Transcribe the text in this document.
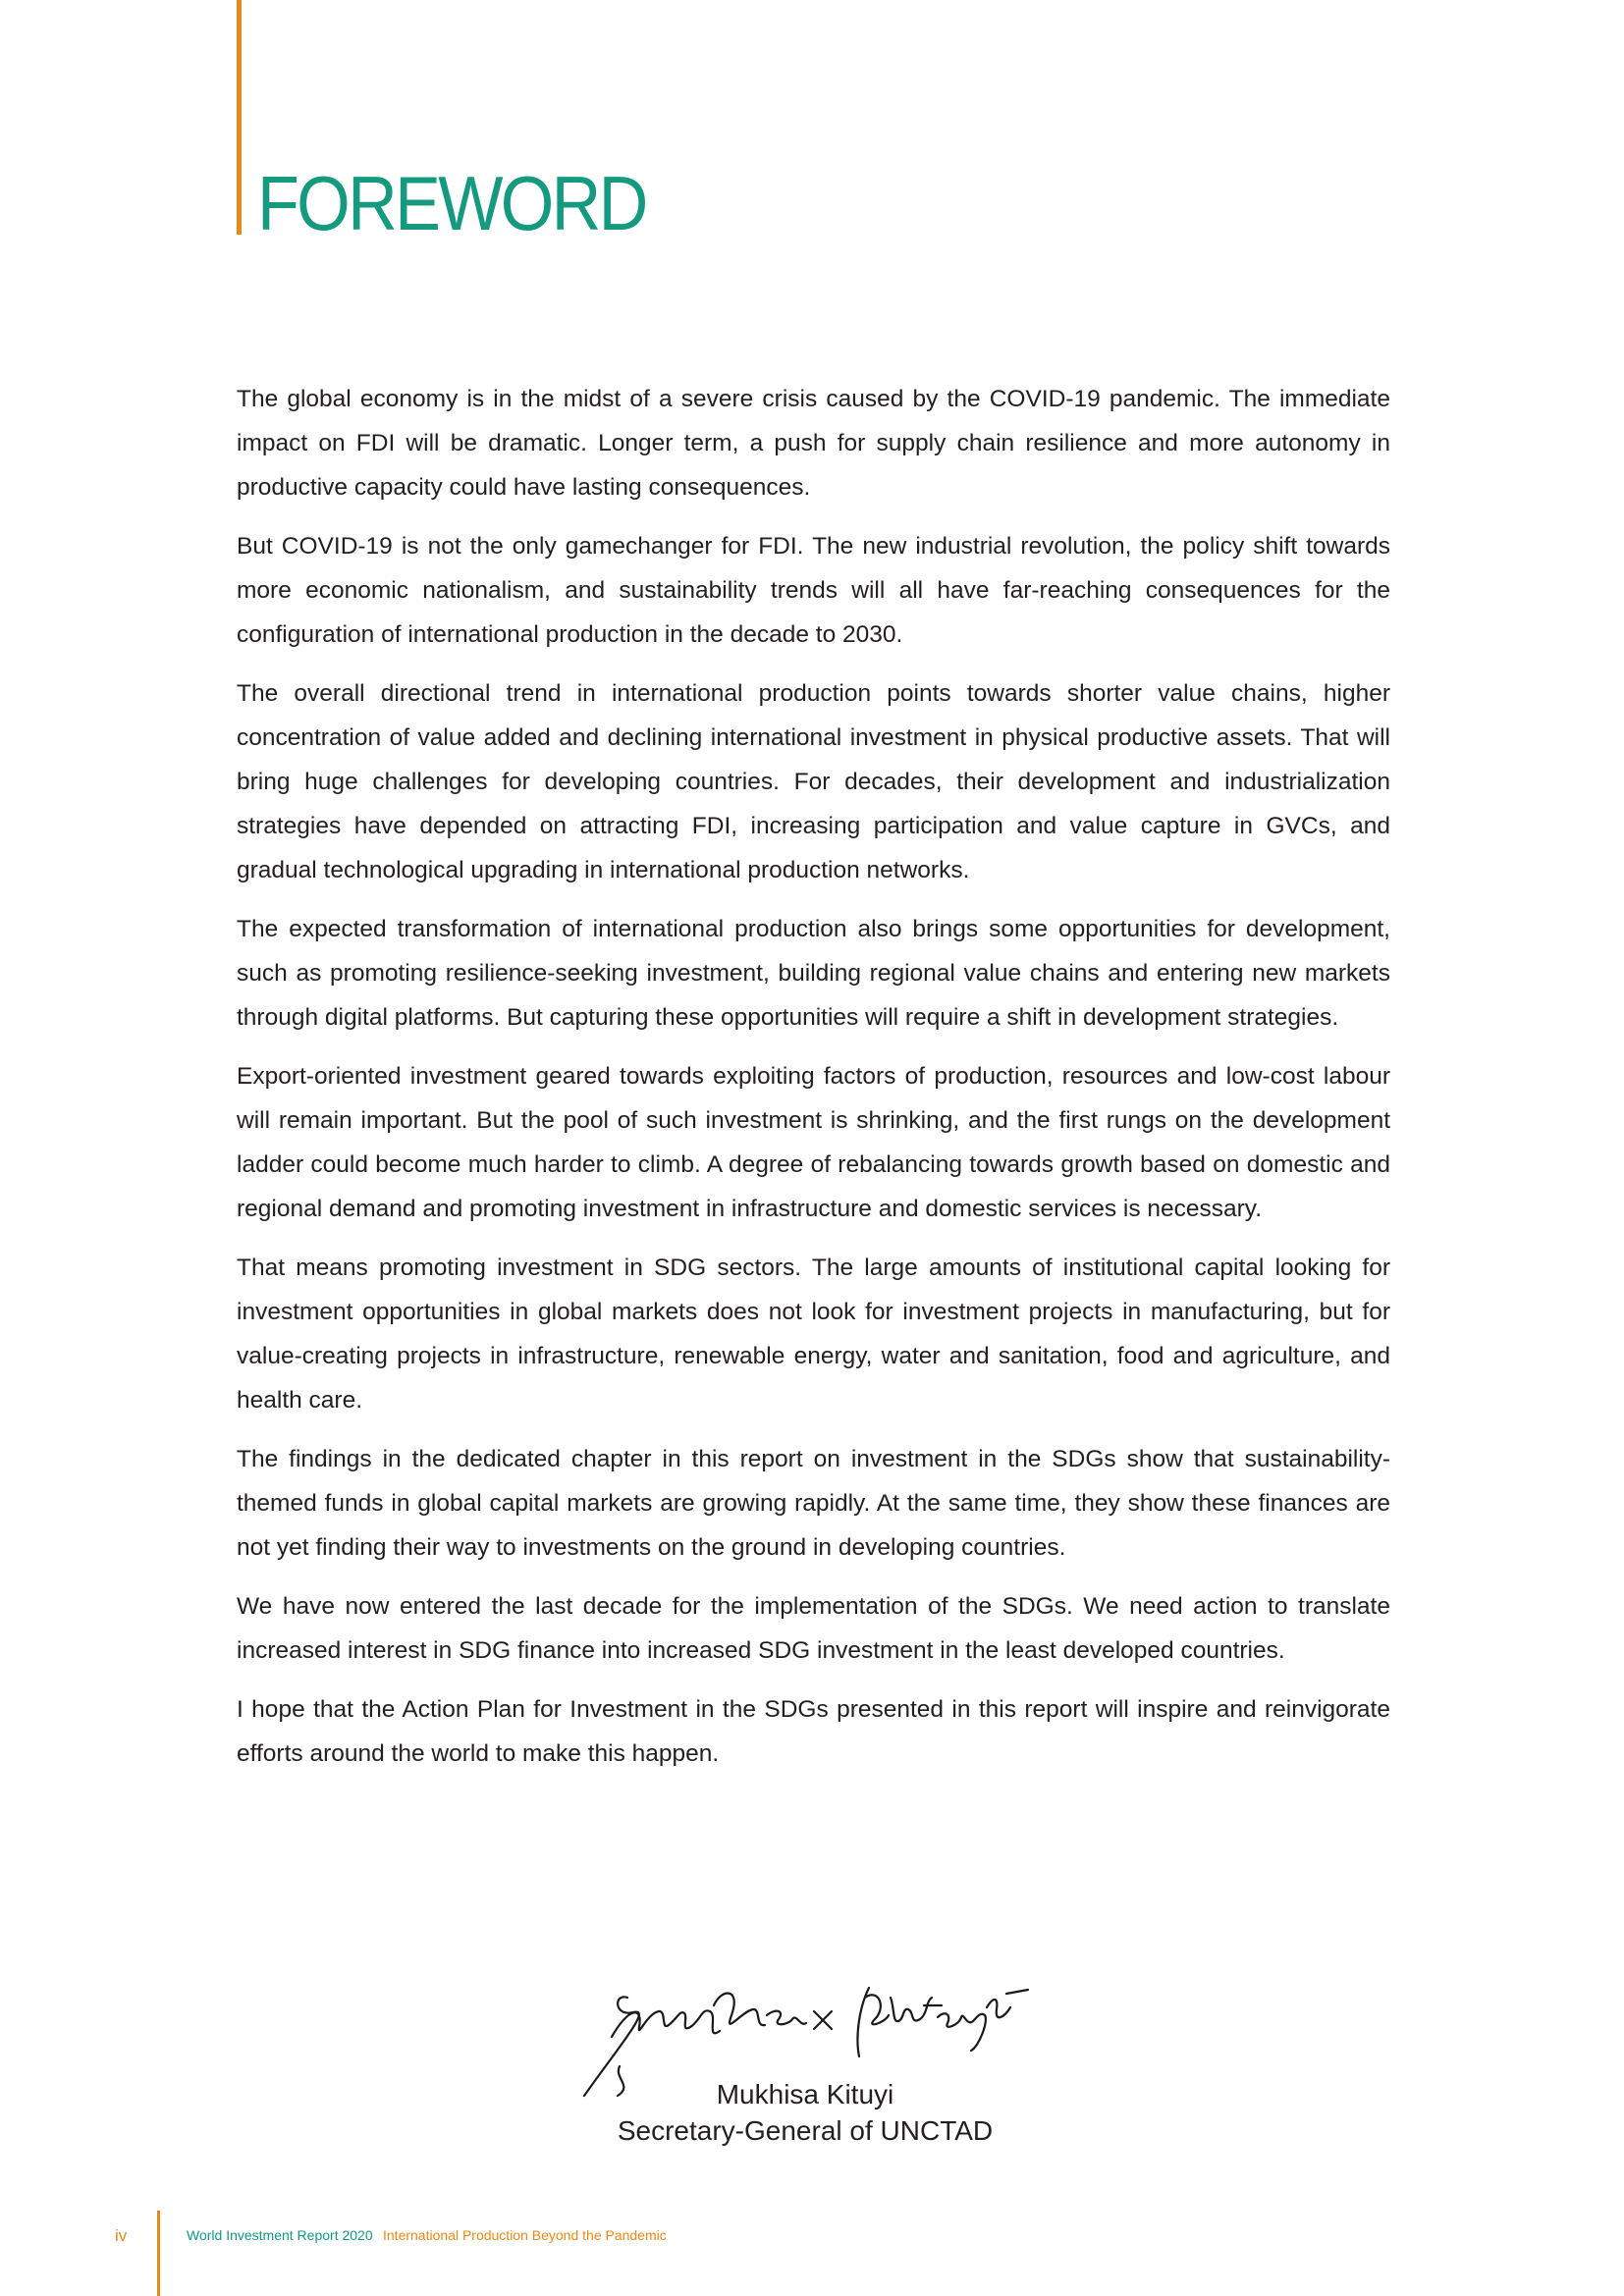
FOREWORD

The global economy is in the midst of a severe crisis caused by the COVID-19 pandemic. The immediate impact on FDI will be dramatic. Longer term, a push for supply chain resilience and more autonomy in productive capacity could have lasting consequences.

But COVID-19 is not the only gamechanger for FDI. The new industrial revolution, the policy shift towards more economic nationalism, and sustainability trends will all have far-reaching consequences for the configuration of international production in the decade to 2030.

The overall directional trend in international production points towards shorter value chains, higher concentration of value added and declining international investment in physical productive assets. That will bring huge challenges for developing countries. For decades, their development and industrialization strategies have depended on attracting FDI, increasing participation and value capture in GVCs, and gradual technological upgrading in international production networks.

The expected transformation of international production also brings some opportunities for development, such as promoting resilience-seeking investment, building regional value chains and entering new markets through digital platforms. But capturing these opportunities will require a shift in development strategies.

Export-oriented investment geared towards exploiting factors of production, resources and low-cost labour will remain important. But the pool of such investment is shrinking, and the first rungs on the development ladder could become much harder to climb. A degree of rebalancing towards growth based on domestic and regional demand and promoting investment in infrastructure and domestic services is necessary.

That means promoting investment in SDG sectors. The large amounts of institutional capital looking for investment opportunities in global markets does not look for investment projects in manufacturing, but for value-creating projects in infrastructure, renewable energy, water and sanitation, food and agriculture, and health care.

The findings in the dedicated chapter in this report on investment in the SDGs show that sustainability-themed funds in global capital markets are growing rapidly. At the same time, they show these finances are not yet finding their way to investments on the ground in developing countries.

We have now entered the last decade for the implementation of the SDGs. We need action to translate increased interest in SDG finance into increased SDG investment in the least developed countries.

I hope that the Action Plan for Investment in the SDGs presented in this report will inspire and reinvigorate efforts around the world to make this happen.

Mukhisa Kituyi
Secretary-General of UNCTAD
iv	World Investment Report 2020 International Production Beyond the Pandemic
